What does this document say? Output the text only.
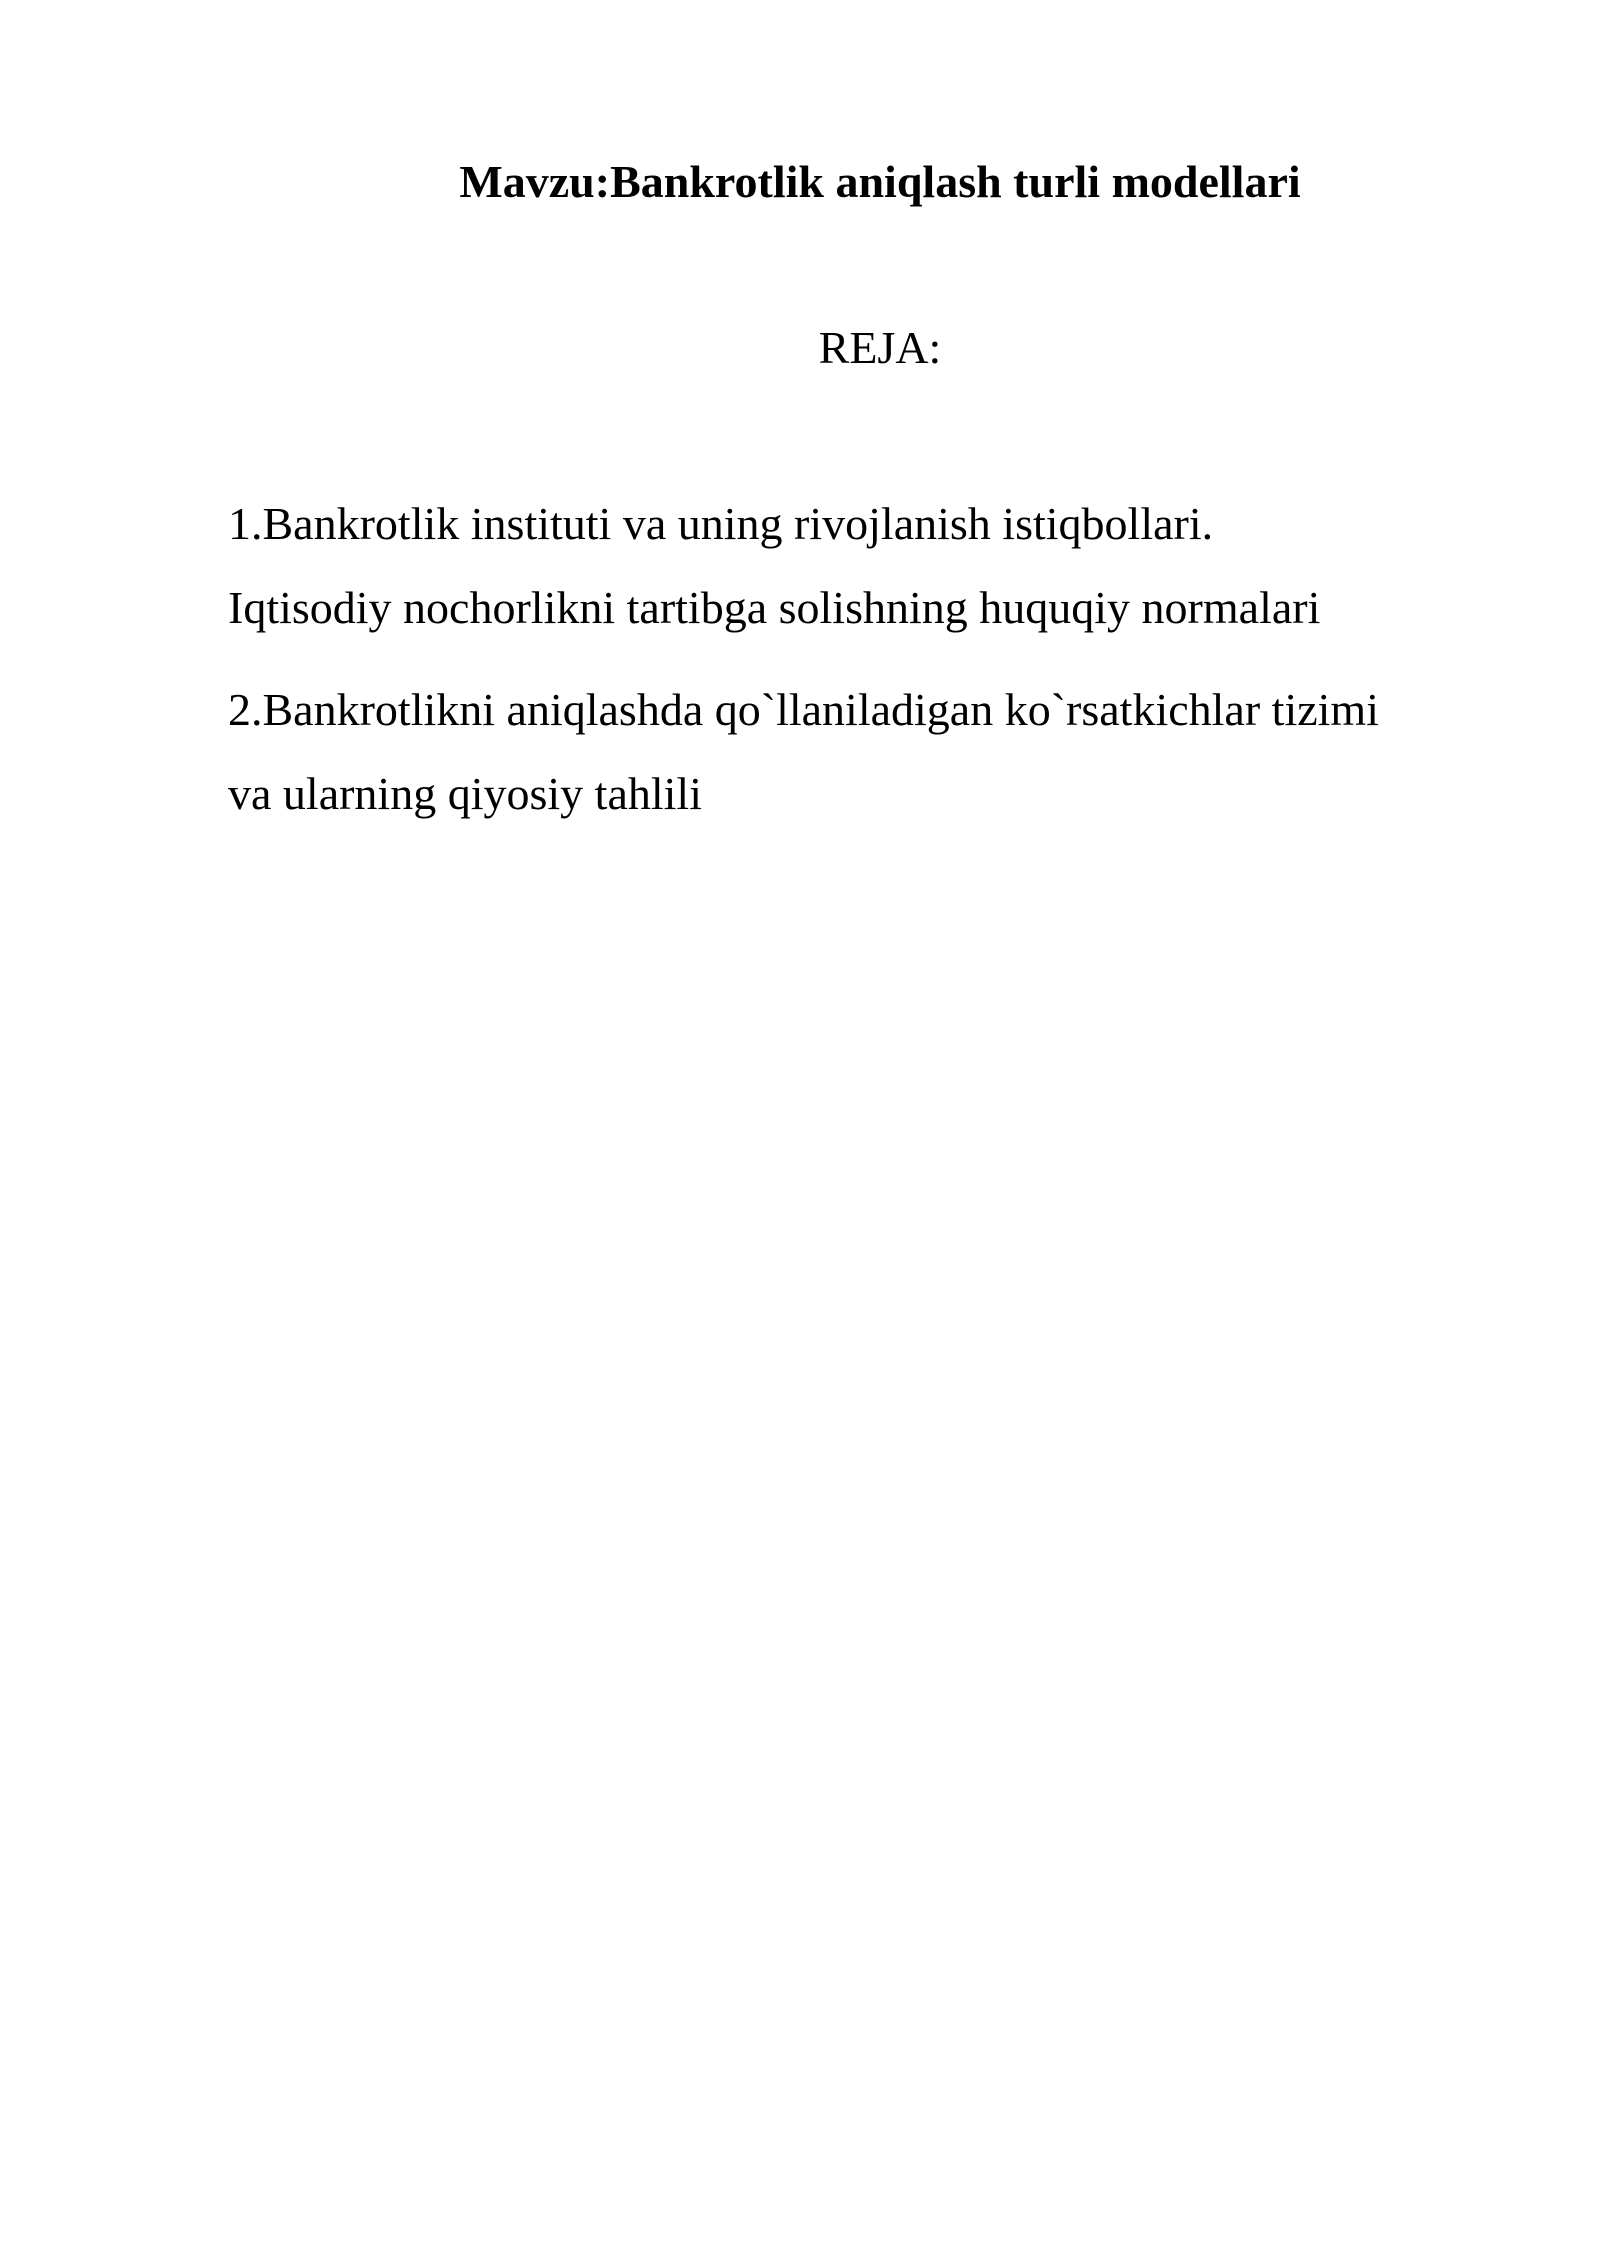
Mavzu:Bankrotlik aniqlash turli modellari
REJA:

1.Bankrotlik instituti va uning rivojlanish istiqbollari.
Iqtisodiy nochorlikni tartibga solishning huquqiy normalari

2.Bankrotlikni aniqlashda qo`llaniladigan ko`rsatkichlar tizimi
va ularning qiyosiy tahlili
